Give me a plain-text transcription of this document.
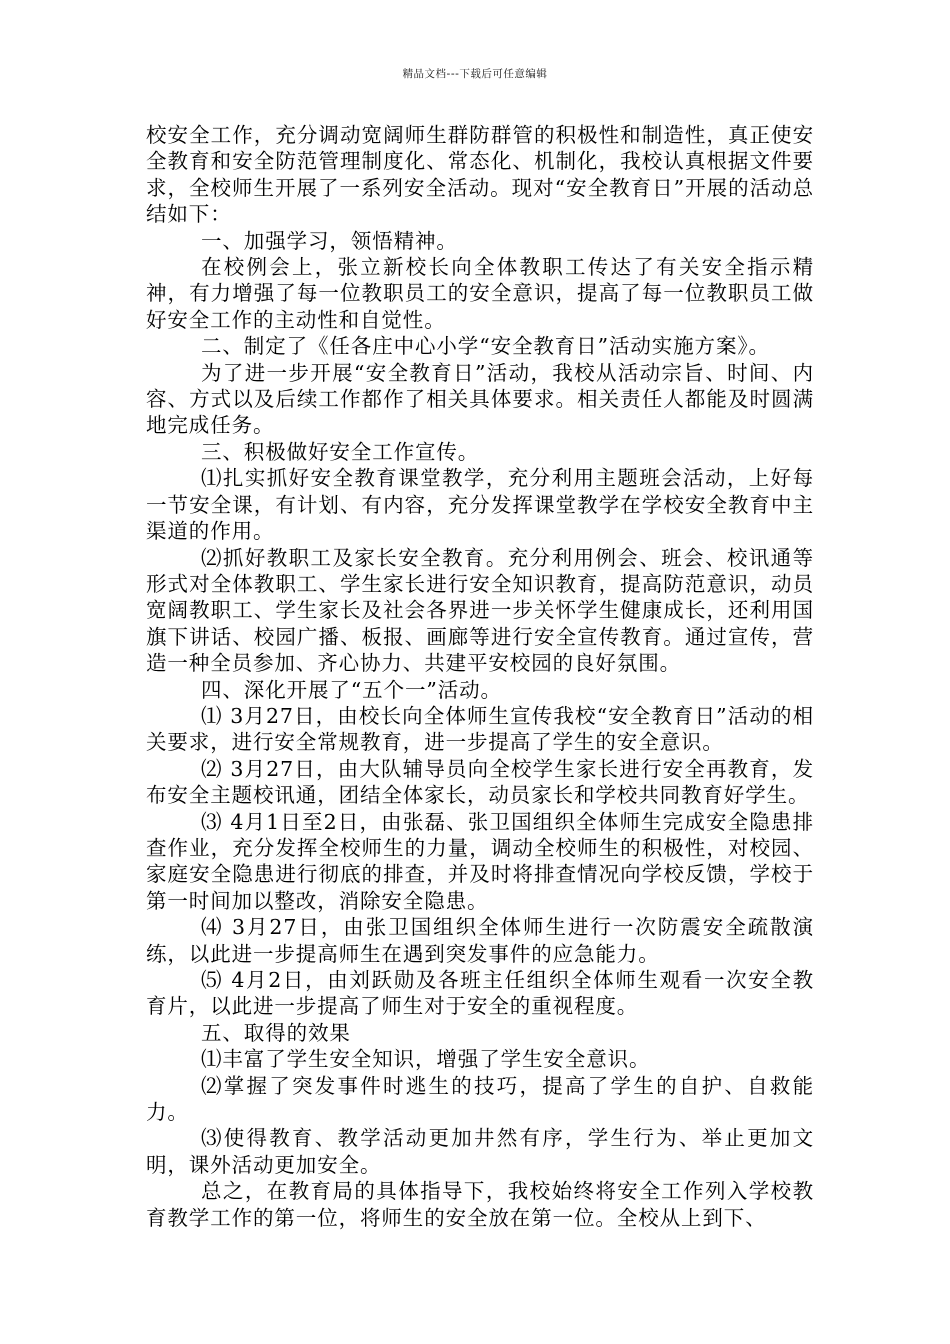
精品文档---下载后可任意编辑

校安全工作，充分调动宽阔师生群防群管的积极性和制造性，真正使安全教育和安全防范管理制度化、常态化、机制化，我校认真根据文件要求，全校师生开展了一系列安全活动。现对“安全教育日”开展的活动总结如下：

一、加强学习，领悟精神。

在校例会上，张立新校长向全体教职工传达了有关安全指示精神，有力增强了每一位教职员工的安全意识，提高了每一位教职员工做好安全工作的主动性和自觉性。

二、制定了《任各庄中心小学“安全教育日”活动实施方案》。

为了进一步开展“安全教育日”活动，我校从活动宗旨、时间、内容、方式以及后续工作都作了相关具体要求。相关责任人都能及时圆满地完成任务。

三、积极做好安全工作宣传。

⑴扎实抓好安全教育课堂教学，充分利用主题班会活动，上好每一节安全课，有计划、有内容，充分发挥课堂教学在学校安全教育中主渠道的作用。

⑵抓好教职工及家长安全教育。充分利用例会、班会、校讯通等形式对全体教职工、学生家长进行安全知识教育，提高防范意识，动员宽阔教职工、学生家长及社会各界进一步关怀学生健康成长，还利用国旗下讲话、校园广播、板报、画廊等进行安全宣传教育。通过宣传，营造一种全员参加、齐心协力、共建平安校园的良好氛围。

四、深化开展了“五个一”活动。

⑴ 3月27日，由校长向全体师生宣传我校“安全教育日”活动的相关要求，进行安全常规教育，进一步提高了学生的安全意识。

⑵ 3月27日，由大队辅导员向全校学生家长进行安全再教育，发布安全主题校讯通，团结全体家长，动员家长和学校共同教育好学生。

⑶ 4月1日至2日，由张磊、张卫国组织全体师生完成安全隐患排查作业，充分发挥全校师生的力量，调动全校师生的积极性，对校园、家庭安全隐患进行彻底的排查，并及时将排查情况向学校反馈，学校于第一时间加以整改，消除安全隐患。

⑷ 3月27日，由张卫国组织全体师生进行一次防震安全疏散演练，以此进一步提高师生在遇到突发事件的应急能力。

⑸ 4月2日，由刘跃勋及各班主任组织全体师生观看一次安全教育片，以此进一步提高了师生对于安全的重视程度。

五、取得的效果

⑴丰富了学生安全知识，增强了学生安全意识。

⑵掌握了突发事件时逃生的技巧，提高了学生的自护、自救能力。

⑶使得教育、教学活动更加井然有序，学生行为、举止更加文明，课外活动更加安全。

总之，在教育局的具体指导下，我校始终将安全工作列入学校教育教学工作的第一位，将师生的安全放在第一位。全校从上到下、
